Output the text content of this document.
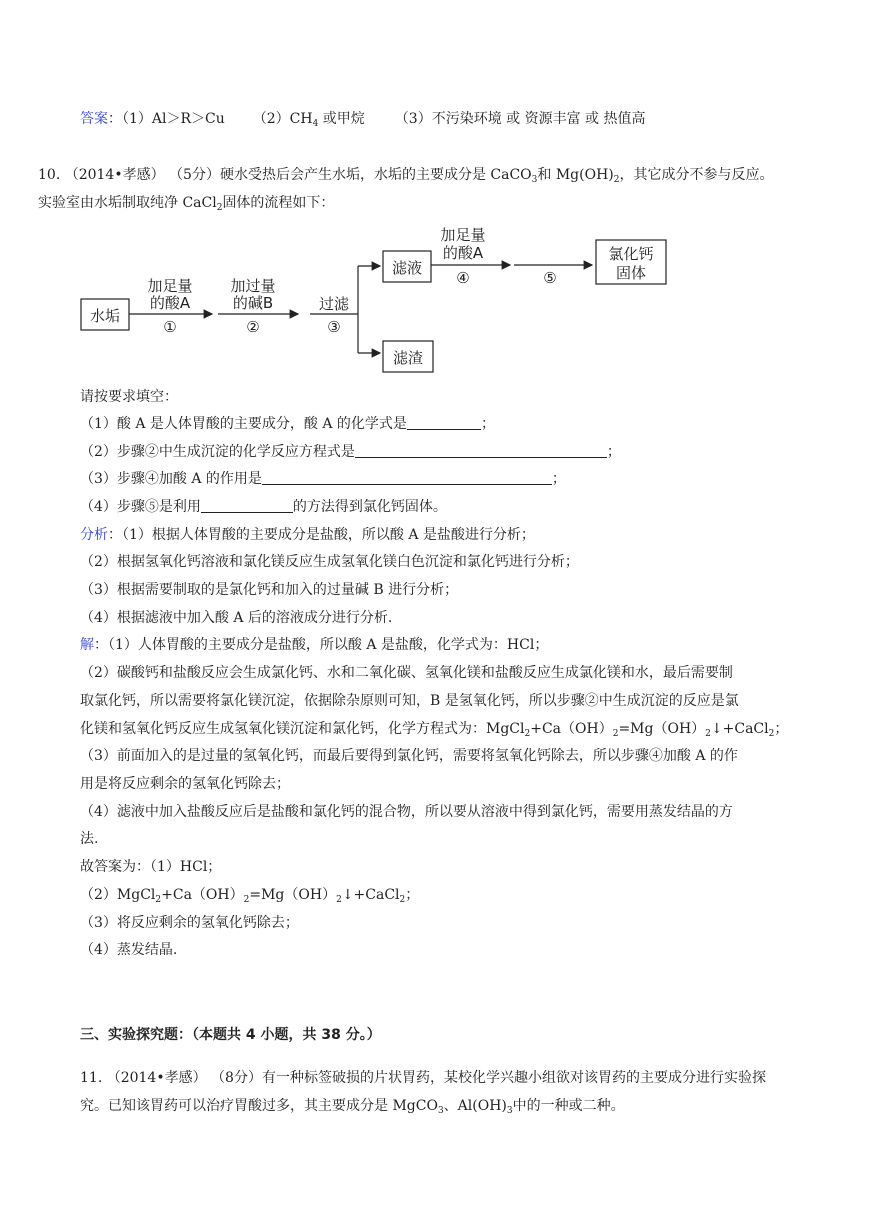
答案：（1）Al＞R＞Cu $(2)CH_4$ 或甲烷 （3）不污染环境 或 资源丰富 或 热值高
10. （2014•孝感） （5分）硬水受热后会产生水垢，水垢的主要成分是 CaCO$_3$和 $Mg(OH)_2$，其它成分不参与反应。
实验室由水垢制取纯净 CaCl$_2$固体的流程如下：
水垢
加足量
的酸A
①
加过量
的碱B
②
过滤
③
滤液
滤渣
加足量
的酸A
④	⑤
氯化钙
固体
请按要求填空：
（1）酸 A 是人体胃酸的主要成分，酸 A 的化学式是	；
（2）步骤②中生成沉淀的化学反应方程式是	；
（3）步骤④加酸 A 的作用是	；
（4）步骤⑤是利用	的方法得到氯化钙固体。
分析：（1）根据人体胃酸的主要成分是盐酸，所以酸 A 是盐酸进行分析；
（2）根据氢氧化钙溶液和氯化镁反应生成氢氧化镁白色沉淀和氯化钙进行分析；
（3）根据需要制取的是氯化钙和加入的过量碱 B 进行分析；
（4）根据滤液中加入酸 A 后的溶液成分进行分析.
解：（1）人体胃酸的主要成分是盐酸，所以酸 A 是盐酸，化学式为：HCl；
（2）碳酸钙和盐酸反应会生成氯化钙、水和二氧化碳、氢氧化镁和盐酸反应生成氯化镁和水，最后需要制
取氯化钙，所以需要将氯化镁沉淀，依据除杂原则可知，B 是氢氧化钙，所以步骤②中生成沉淀的反应是氯
化镁和氢氧化钙反应生成氢氧化镁沉淀和氯化钙，化学方程式为：$MgCl_2+Ca(OH)_2=Mg(OH)_2↓+CaCl_2$；
（3）前面加入的是过量的氢氧化钙，而最后要得到氯化钙，需要将氢氧化钙除去，所以步骤④加酸 A 的作
用是将反应剩余的氢氧化钙除去；
（4）滤液中加入盐酸反应后是盐酸和氯化钙的混合物，所以要从溶液中得到氯化钙，需要用蒸发结晶的方
法.
故答案为：（1）HCl；
$(2)MgCl_2+Ca(OH)_2=Mg(OH)_2↓+CaCl_2$；
（3）将反应剩余的氢氧化钙除去；
（4）蒸发结晶.
三、实验探究题：（本题共 4 小题，共 38 分。）
11. （2014•孝感） （8分）有一种标签破损的片状胃药，某校化学兴趣小组欲对该胃药的主要成分进行实验探
究。已知该胃药可以治疗胃酸过多，其主要成分是 MgCO$_3$、$Al(OH)_3$中的一种或二种。
